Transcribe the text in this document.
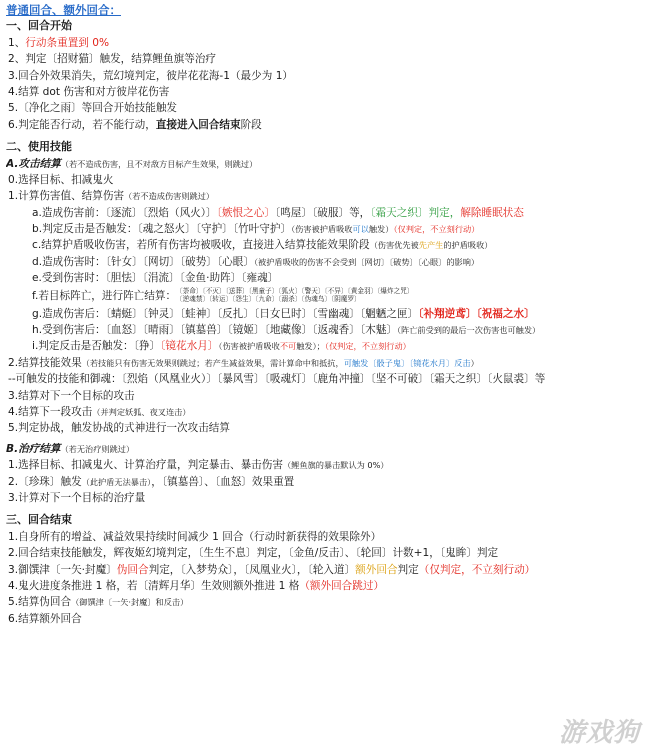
普通回合、额外回合：
一、回合开始
1、行动条重置到 0%
2、判定〔招财猫〕触发，结算鲤鱼旗等治疗
3.回合外效果消失，荒幻境判定，彼岸花花海-1（最少为 1）
4.结算 dot 伤害和对方彼岸花伤害
5.〔净化之雨〕等回合开始技能触发
6.判定能否行动，若不能行动，直接进入回合结束阶段
二、使用技能
A.攻击结算（若不造成伤害，且不对敌方目标产生效果，则跳过）
0.选择目标、扣减鬼火
1.计算伤害值、结算伤害（若不造成伤害则跳过）
a.造成伤害前：〔逐流〕〔烈焰（风火）〕〔嫉恨之心〕〔鸣屋〕〔破服〕等，〔霜天之织〕判定，解除睡眠状态
b.判定反击是否触发：〔魂之怒火〕〔守护〕〔竹叶守护〕（伤害被护盾吸收可以触发）（仅判定，不立刻行动）
c.结算护盾吸收伤害，若所有伤害均被吸收，直接进入结算技能效果阶段（伤害优先被先产生的护盾吸收）
d.造成伤害时：〔针女〕〔网切〕〔破势〕〔心眼〕（被护盾吸收的伤害不会受到〔网切〕〔破势〕〔心眼〕的影响）
e.受到伤害时：〔胆怯〕〔涓流〕〔金鱼·助阵〕〔雍魂〕
f.若目标阵亡，进行阵亡结算：〔荼命〕〔不灭〕〔送葬〕〔黑童子〕〔狐火〕〔警天〕〔不异〕〔黄金羽〕〔爆炸之咒〕
〔逆魂禁〕〔转运〕〔怨生〕〔九命〕〔溺杀〕〔伪魂鸟〕〔阴魔罗〕
g.造成伤害后：〔蜻蜓〕〔钟灵〕〔蛙神〕〔反扎〕〔日女巳时〕〔雪幽魂〕〔魍魉之匣〕〔补翔逆鸢〕〔祝福之水〕
h.受到伤害后：〔血怒〕〔晴雨〕〔镇墓兽〕〔镜姬〕〔地藏像〕〔返魂香〕〔木魅〕（阵亡前受到的最后一次伤害也可触发）
i.判定反击是否触发：〔狰〕〔镜花水月〕（伤害被护盾吸收不可触发）；（仅判定，不立刻行动）
2.结算技能效果（若技能只有伤害无效果则跳过；若产生减益效果，需计算命中和抵抗，可触发〔骰子鬼〕〔镜花水月〕反击）
--可触发的技能和御魂：〔烈焰（风凰业火）〕〔暴风雪〕〔吸魂灯〕〔鹿角冲撞〕〔坚不可破〕〔霜天之织〕〔火鼠裘〕等
3.结算对下一个目标的攻击
4.结算下一段攻击（并判定妖狐、夜叉连击）
5.判定协战，触发协战的式神进行一次攻击结算
B.治疗结算（若无治疗则跳过）
1.选择目标、扣减鬼火、计算治疗量，判定暴击、暴击伤害（鲤鱼旗的暴击默认为 0%）
2.〔珍珠〕触发（此护盾无法暴击），〔镇墓兽〕、〔血怒〕效果重置
3.计算对下一个目标的治疗量
三、回合结束
1.自身所有的增益、减益效果持续时间减少 1 回合（行动时新获得的效果除外）
2.回合结束技能触发，辉夜姬幻境判定，〔生生不息〕判定，〔金鱼/反击〕、〔轮回〕计数+1，〔鬼眸〕判定
3.御馔津〔一矢·封魔〕伪回合判定，〔入梦势众〕，〔凤凰业火〕，〔轮入道〕额外回合判定（仅判定，不立刻行动）
4.鬼火进度条推进 1 格，若〔清辉月华〕生效则额外推进 1 格（额外回合跳过）
5.结算伪回合（御馔津〔一矢·封魔〕和反击）
6.结算额外回合
游戏狗
